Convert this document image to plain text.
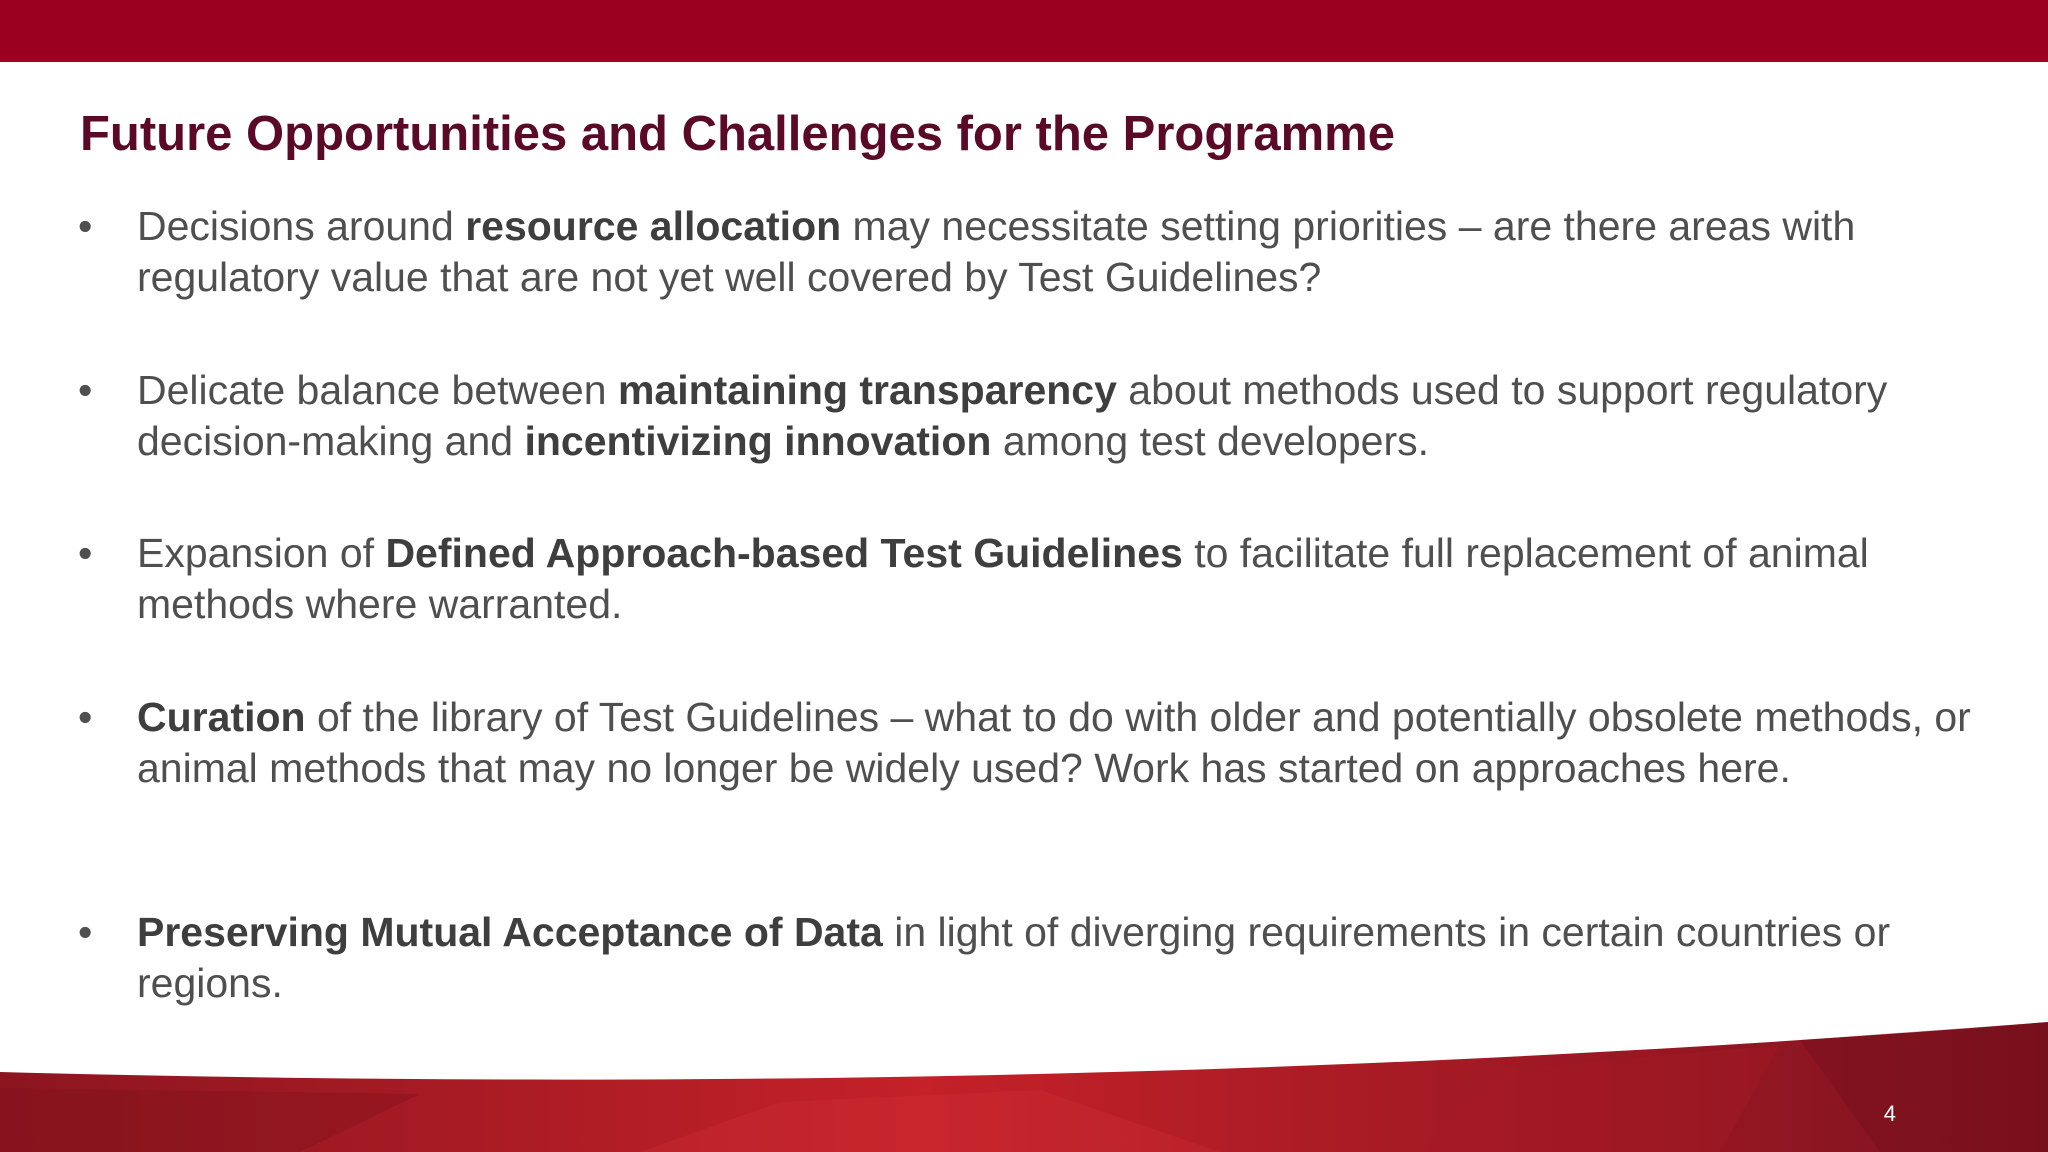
Future Opportunities and Challenges for the Programme
• Decisions around resource allocation may necessitate setting priorities – are there areas with regulatory value that are not yet well covered by Test Guidelines?
• Delicate balance between maintaining transparency about methods used to support regulatory decision-making and incentivizing innovation among test developers.
• Expansion of Defined Approach-based Test Guidelines to facilitate full replacement of animal methods where warranted.
• Curation of the library of Test Guidelines – what to do with older and potentially obsolete methods, or animal methods that may no longer be widely used? Work has started on approaches here.
• Preserving Mutual Acceptance of Data in light of diverging requirements in certain countries or regions.
4
